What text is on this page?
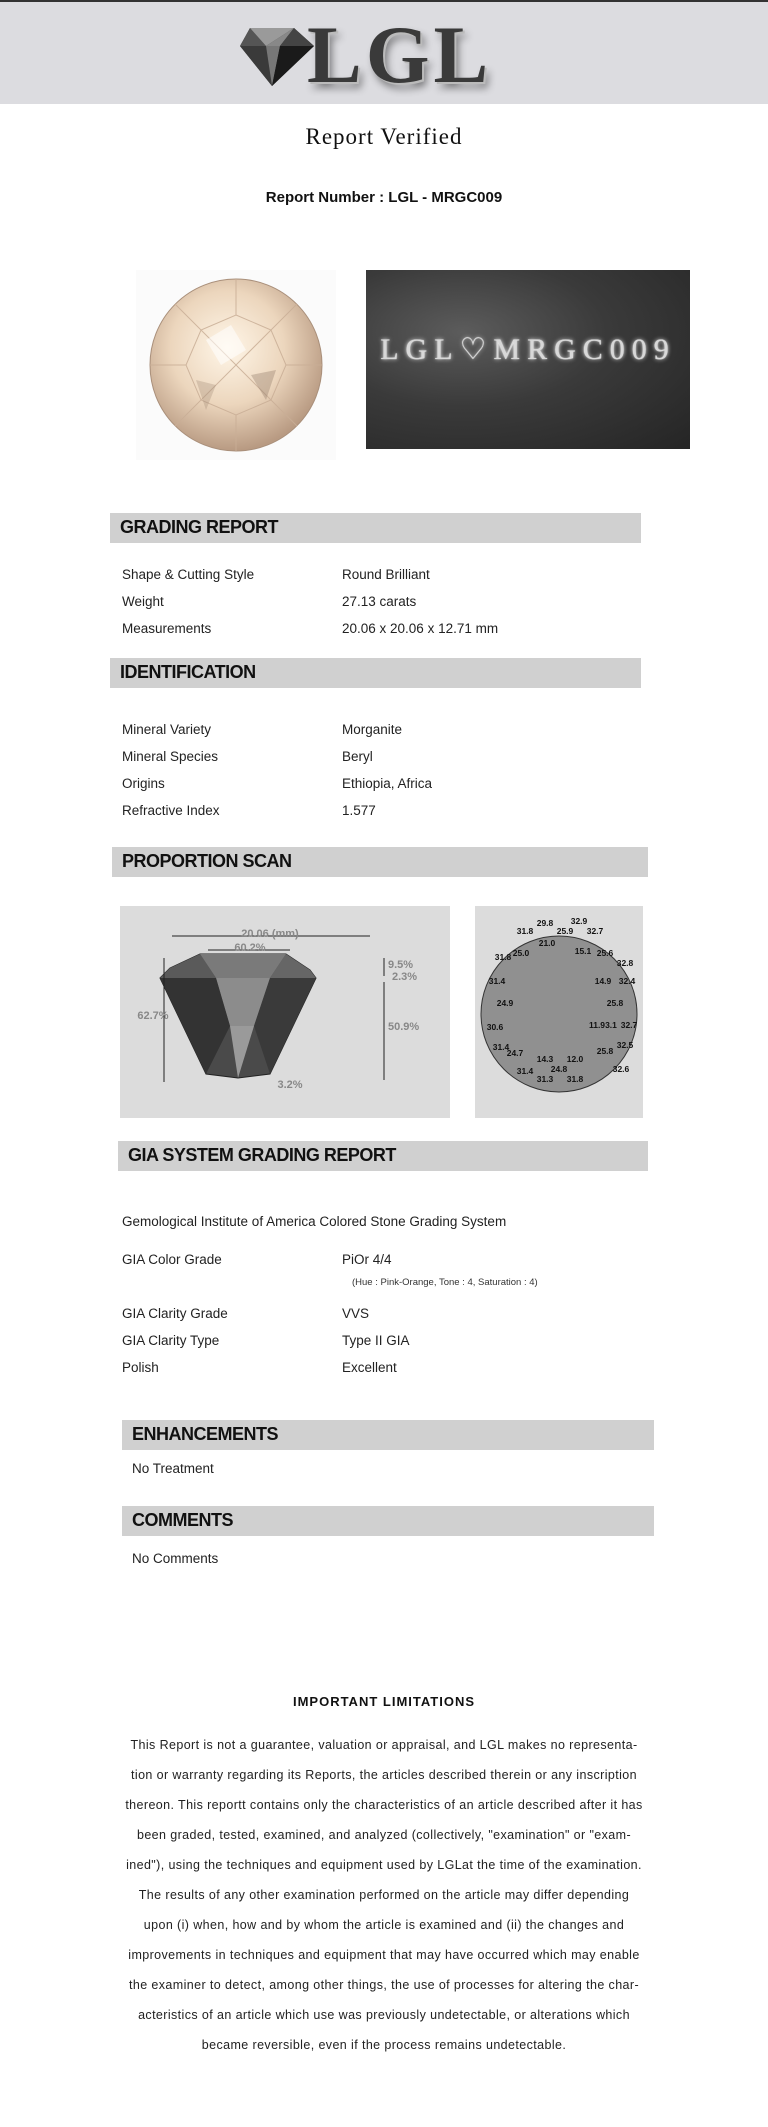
LGL
Report Verified
Report Number : LGL - MRGC009
LGL♡MRGC009
GRADING REPORT
Shape & Cutting Style	Round Brilliant
Weight	27.13 carats
Measurements	20.06 x 20.06 x 12.71 mm
IDENTIFICATION
Mineral Variety	Morganite
Mineral Species	Beryl
Origins	Ethiopia, Africa
Refractive Index	1.577
PROPORTION SCAN
20.06 (mm)
60.2%
62.7%
9.5%
2.3%
50.9%
3.2%
29.8 32.9
31.8	25.9 32.7
21.0
31.8 25.0	15.1 25.6
32.8
31.4	14.9 32.4
24.9	25.8
30.6	11.9 3.1 32.7
31.4	32.5
24.7
14.3 12.0
25.8
31.4 24.8	32.6
31.3 31.8
GIA SYSTEM GRADING REPORT
Gemological Institute of America Colored Stone Grading System
GIA Color Grade	PiOr 4/4
(Hue : Pink-Orange, Tone : 4, Saturation : 4)
GIA Clarity Grade	VVS
GIA Clarity Type	Type II GIA
Polish	Excellent
ENHANCEMENTS
No Treatment
COMMENTS
No Comments
IMPORTANT LIMITATIONS
This Report is not a guarantee, valuation or appraisal, and LGL makes no representa-
tion or warranty regarding its Reports, the articles described therein or any inscription
thereon. This reportt contains only the characteristics of an article described after it has
been graded, tested, examined, and analyzed (collectively, "examination" or "exam-
ined"), using the techniques and equipment used by LGLat the time of the examination.
The results of any other examination performed on the article may differ depending
upon (i) when, how and by whom the article is examined and (ii) the changes and
improvements in techniques and equipment that may have occurred which may enable
the examiner to detect, among other things, the use of processes for altering the char-
acteristics of an article which use was previously undetectable, or alterations which
became reversible, even if the process remains undetectable.
